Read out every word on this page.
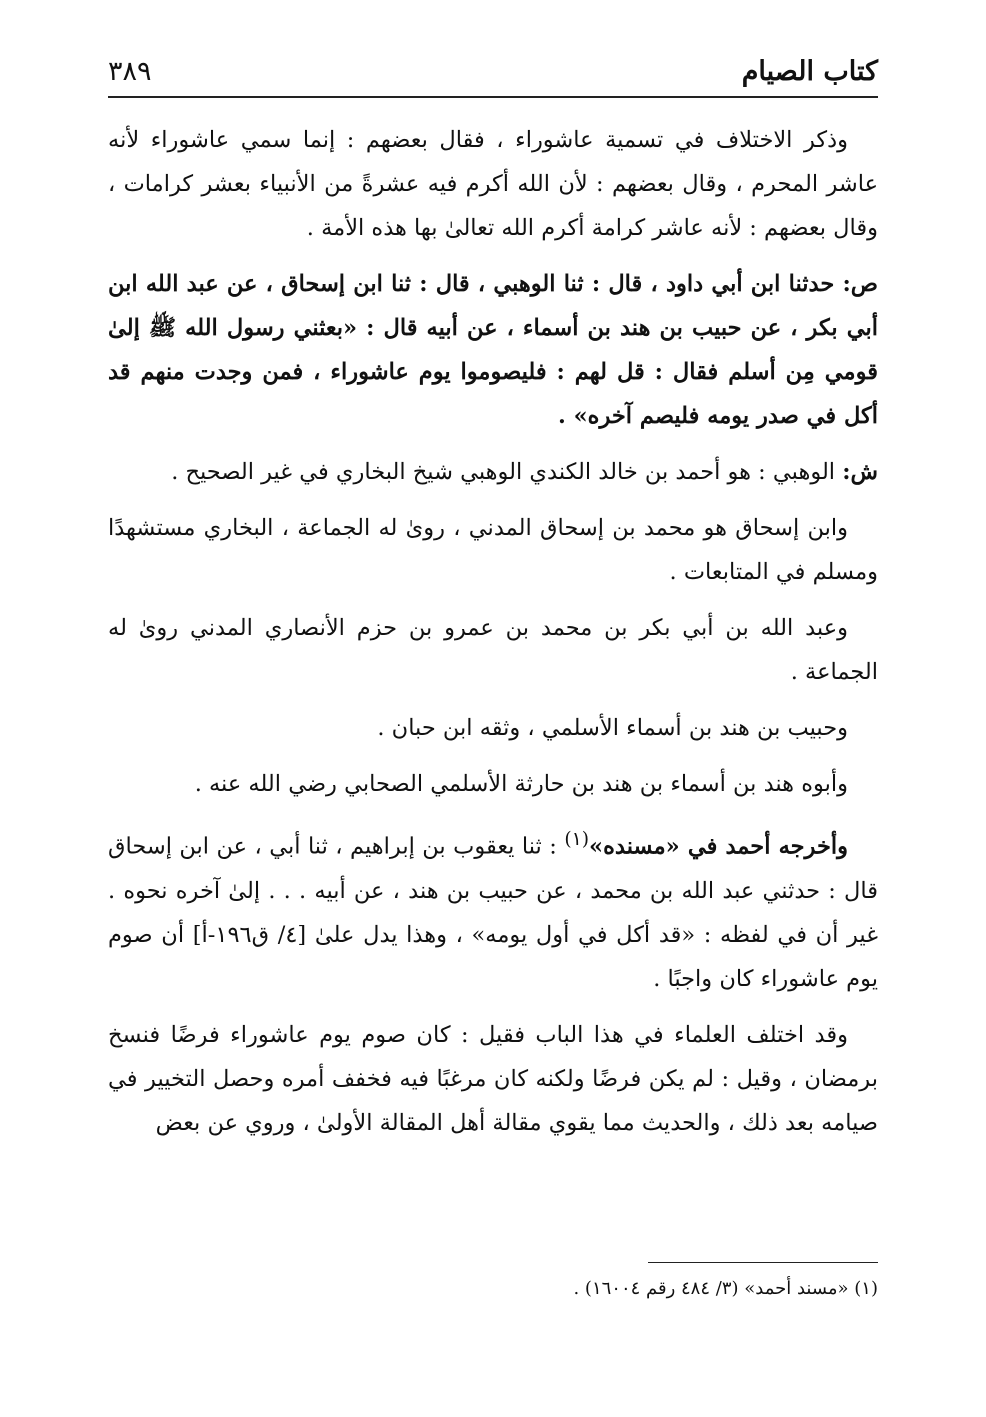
كتاب الصيام
٣٨٩

وذكر الاختلاف في تسمية عاشوراء ، فقال بعضهم : إنما سمي عاشوراء لأنه عاشر المحرم ، وقال بعضهم : لأن الله أكرم فيه عشرةً من الأنبياء بعشر كرامات ، وقال بعضهم : لأنه عاشر كرامة أكرم الله تعالىٰ بها هذه الأمة .

ص: حدثنا ابن أبي داود ، قال : ثنا الوهبي ، قال : ثنا ابن إسحاق ، عن عبد الله ابن أبي بكر ، عن حبيب بن هند بن أسماء ، عن أبيه قال : «بعثني رسول الله ﷺ إلىٰ قومي مِن أسلم فقال : قل لهم : فليصوموا يوم عاشوراء ، فمن وجدت منهم قد أكل في صدر يومه فليصم آخره» .

ش: الوهبي : هو أحمد بن خالد الكندي الوهبي شيخ البخاري في غير الصحيح .

وابن إسحاق هو محمد بن إسحاق المدني ، روىٰ له الجماعة ، البخاري مستشهدًا ومسلم في المتابعات .

وعبد الله بن أبي بكر بن محمد بن عمرو بن حزم الأنصاري المدني روىٰ له الجماعة .

وحبيب بن هند بن أسماء الأسلمي ، وثقه ابن حبان .

وأبوه هند بن أسماء بن هند بن حارثة الأسلمي الصحابي رضي الله عنه .

وأخرجه أحمد في «مسنده»$^{(١)}$ : ثنا يعقوب بن إبراهيم ، ثنا أبي ، عن ابن إسحاق قال : حدثني عبد الله بن محمد ، عن حبيب بن هند ، عن أبيه . . . إلىٰ آخره نحوه . غير أن في لفظه : «قد أكل في أول يومه» ، وهذا يدل علىٰ [٤/ ق١٩٦-أ] أن صوم يوم عاشوراء كان واجبًا .

وقد اختلف العلماء في هذا الباب فقيل : كان صوم يوم عاشوراء فرضًا فنسخ برمضان ، وقيل : لم يكن فرضًا ولكنه كان مرغبًا فيه فخفف أمره وحصل التخيير في صيامه بعد ذلك ، والحديث مما يقوي مقالة أهل المقالة الأولىٰ ، وروي عن بعض

(١) «مسند أحمد» (٣/ ٤٨٤ رقم ١٦٠٠٤) .
